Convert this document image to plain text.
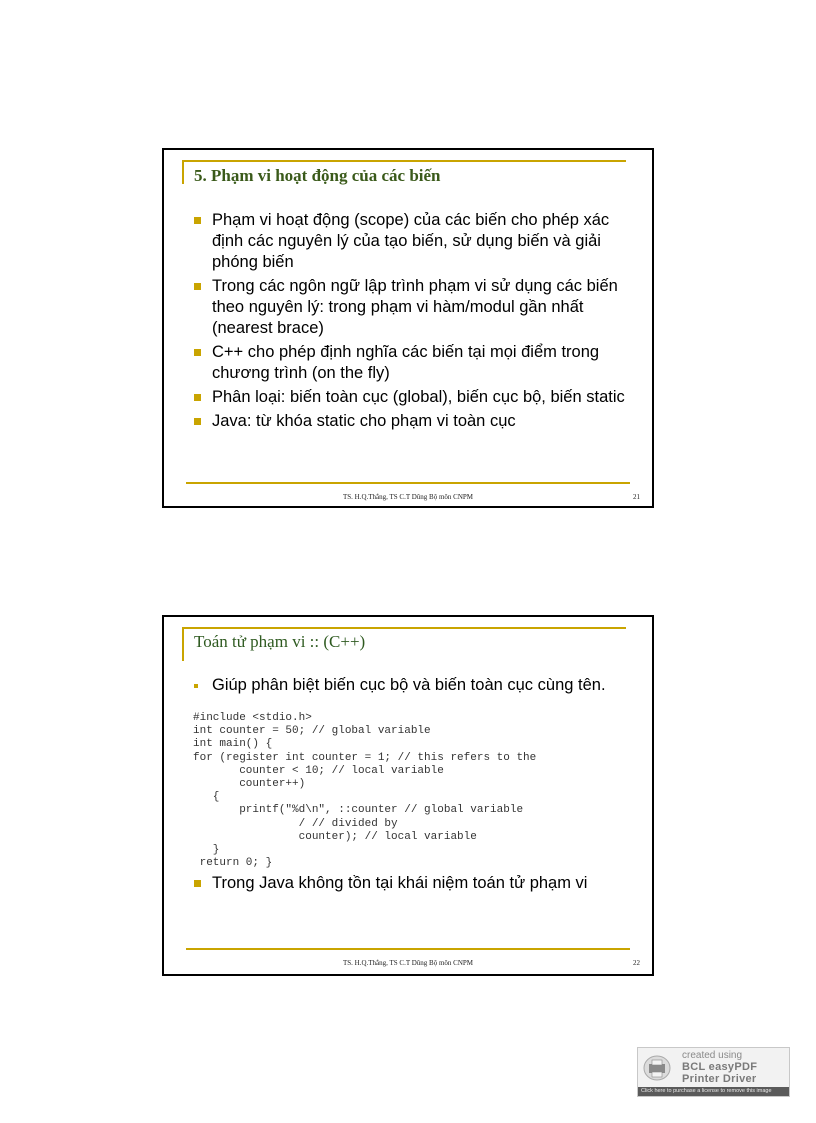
5. Phạm vi hoạt động của các biến
Phạm vi hoạt động (scope) của các biến cho phép xác định các nguyên lý của tạo biến, sử dụng biến và giải phóng biến
Trong các ngôn ngữ lập trình phạm vi sử dụng các biến theo nguyên lý: trong phạm vi hàm/modul gần nhất (nearest brace)
C++ cho phép định nghĩa các biến tại mọi điểm trong chương trình (on the fly)
Phân loại: biến toàn cục (global), biến cục bộ, biến static
Java: từ khóa static cho phạm vi toàn cục
TS. H.Q.Thắng, TS C.T Dũng Bộ môn CNPM	21
Toán tử phạm vi :: (C++)
Giúp phân biệt biến cục bộ và biến toàn cục cùng tên.
#include <stdio.h>
int counter = 50; // global variable
int main() {
for (register int counter = 1; // this refers to the
counter < 10; // local variable
counter++)
{
printf("%d\n", ::counter // global variable
/ // divided by
counter); // local variable
}
return 0; }
Trong Java không tồn tại khái niệm toán tử phạm vi
TS. H.Q.Thắng, TS C.T Dũng Bộ môn CNPM	22
created using
BCL easyPDF
Printer Driver
Click here to purchase a license to remove this image
